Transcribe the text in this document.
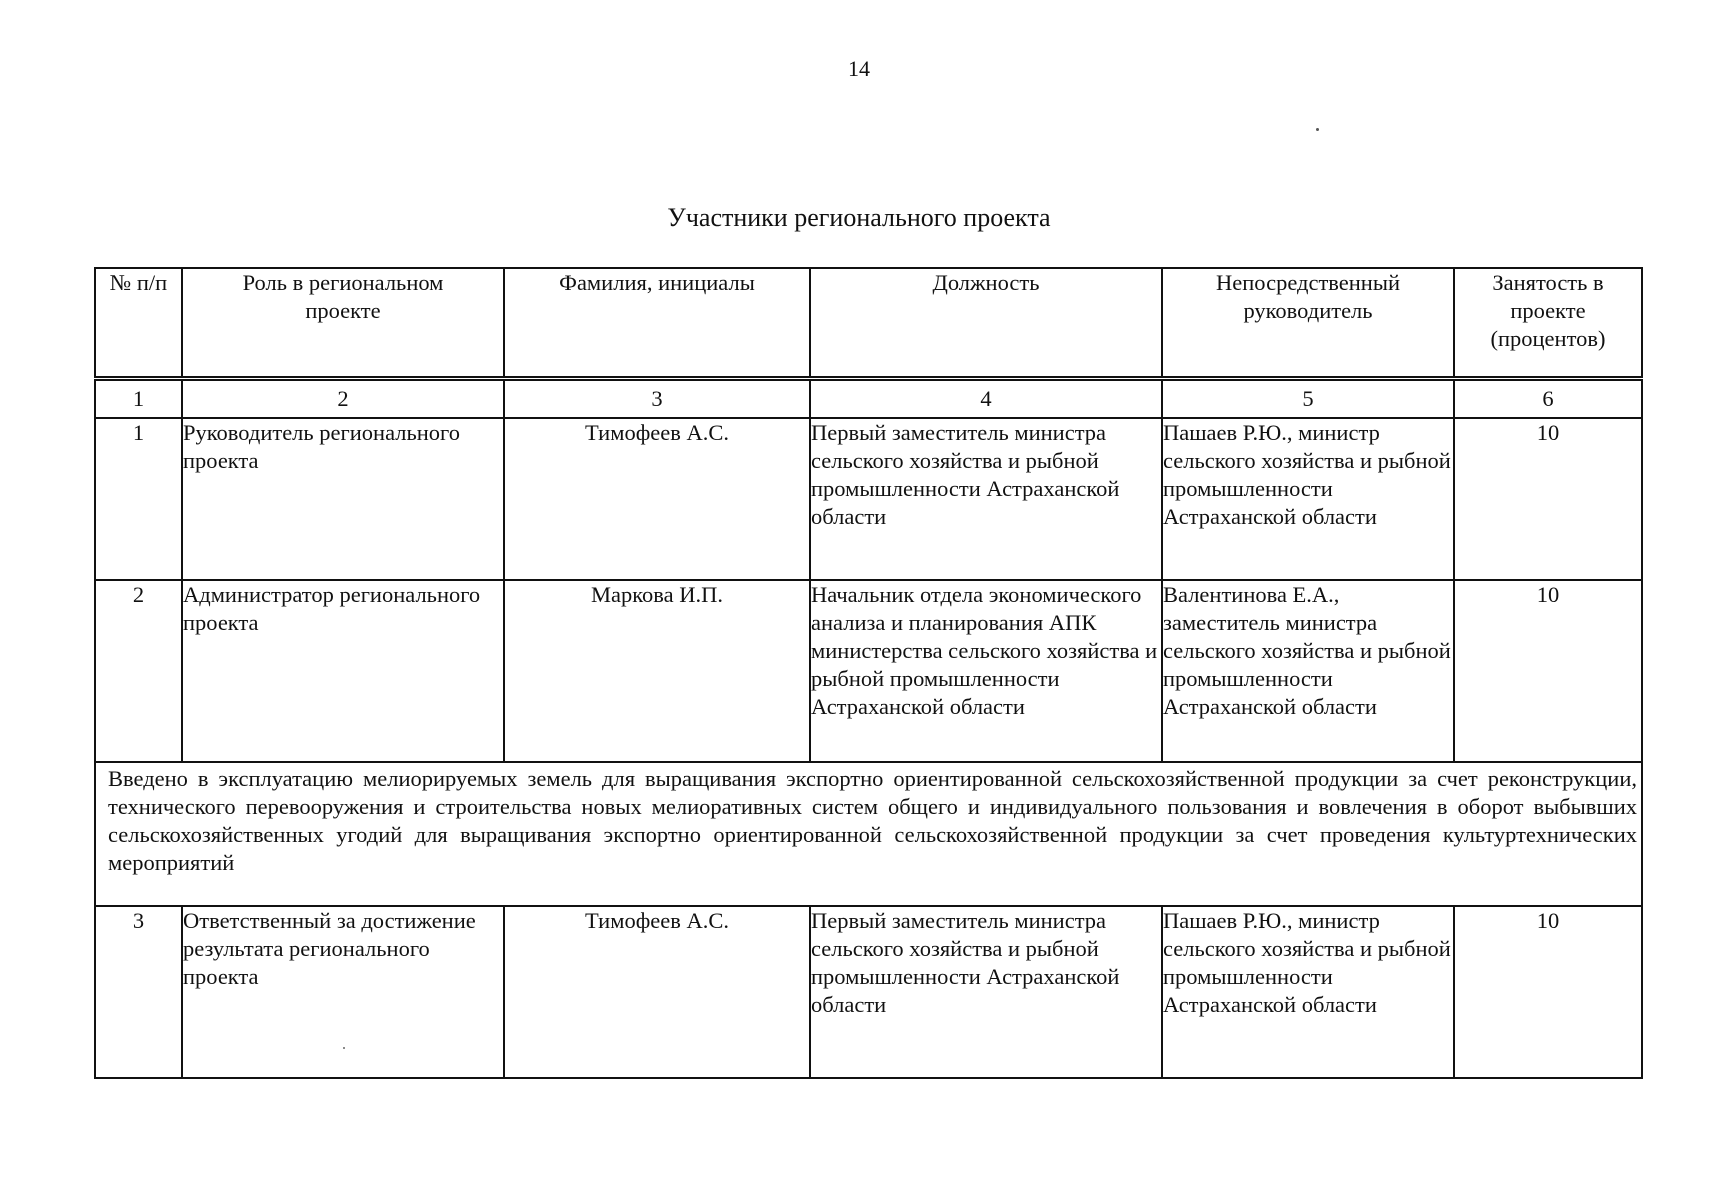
14
Участники регионального проекта
№ п/п	Роль в региональном проекте	Фамилия, инициалы	Должность	Непосредственный руководитель	Занятость в проекте (процентов)
1	2	3	4	5	6
1	Руководитель регионального проекта	Тимофеев А.С.	Первый заместитель министра сельского хозяйства и рыбной промышленности Астраханской области	Пашаев Р.Ю., министр сельского хозяйства и рыбной промышленности Астраханской области	10
2	Администратор регионального проекта	Маркова И.П.	Начальник отдела экономического анализа и планирования АПК министерства сельского хозяйства и рыбной промышленности Астраханской области	Валентинова Е.А., заместитель министра сельского хозяйства и рыбной промышленности Астраханской области	10
Введено в эксплуатацию мелиорируемых земель для выращивания экспортно ориентированной сельскохозяйственной продукции за счет реконструкции, технического перевооружения и строительства новых мелиоративных систем общего и индивидуального пользования и вовлечения в оборот выбывших сельскохозяйственных угодий для выращивания экспортно ориентированной сельскохозяйственной продукции за счет проведения культуртехнических мероприятий					
3	Ответственный за достижение результата регионального проекта	Тимофеев А.С.	Первый заместитель министра сельского хозяйства и рыбной промышленности Астраханской области	Пашаев Р.Ю., министр сельского хозяйства и рыбной промышленности Астраханской области	10
